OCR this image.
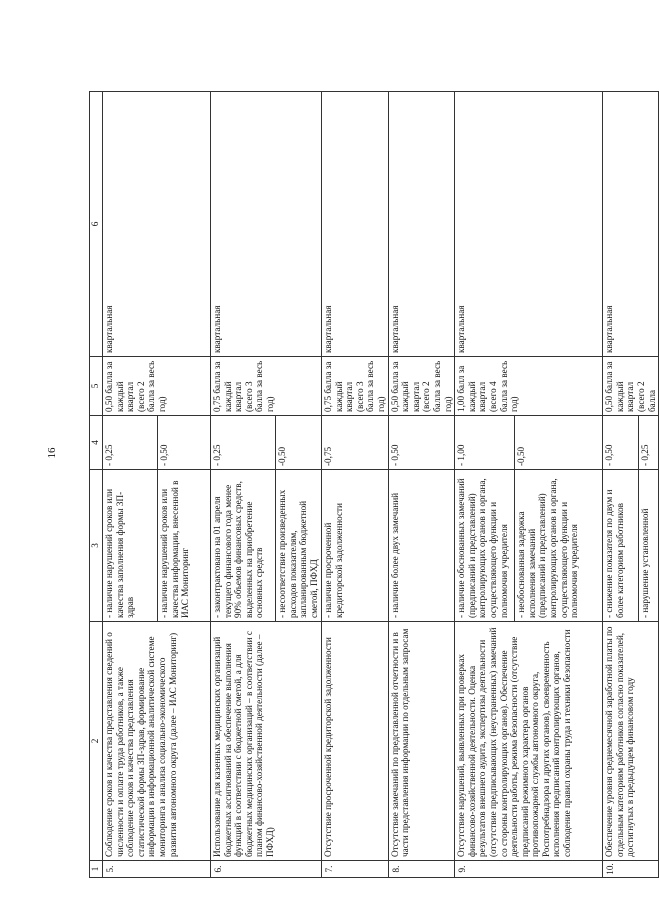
16
1	2	3	4	5	6
5.	Соблюдение сроков и качества представления сведений о численности и оплате труда работников, а также соблюдение сроков и качества представления статистической формы ЗП-здрав, формирование информации в информационной аналитической системе мониторинга и анализа социально-экономического развития автономного округа (далее – ИАС Мониторинг)	- наличие нарушений сроков или качества заполнения формы ЗП-здрав	- 0,25	0,50 балла за каждый квартал (всего 2 балла за весь год)	квартальная
		- наличие нарушений сроков или качества информации, внесенной в ИАС Мониторинг	- 0,50		
6.	Использование для казенных медицинских организаций бюджетных ассигнований на обеспечение выполнения функций в соответствии с бюджетной сметой, а для бюджетных медицинских организаций – в соответствии с планом финансово-хозяйственной деятельности (далее – ПФХД)	- законтрактовано на 01 апреля текущего финансового года менее 90% объемов финансовых средств, выделенных на приобретение основных средств	- 0,25	0,75 балла за каждый квартал (всего 3 балла за весь год)	квартальная
		- несоответствие произведенных расходов показателям, запланированным бюджетной сметой, ПФХД	-0,50		
7.	Отсутствие просроченной кредиторской задолженности	- наличие просроченной кредиторской задолженности	-0,75	0,75 балла за каждый квартал (всего 3 балла за весь год)	квартальная
8.	Отсутствие замечаний по представленной отчетности и в части представления информации по отдельным запросам	- наличие более двух замечаний	- 0,50	0,50 балла за каждый квартал (всего 2 балла за весь год)	квартальная
9.	Отсутствие нарушений, выявленных при проверках финансово-хозяйственной деятельности. Оценка результатов внешнего аудита, экспертизы деятельности (отсутствие предписывающих (неустраненных) замечаний со стороны контролирующих органов). Обеспечение деятельности работы, режима безопасности (отсутствие предписаний режимного характера органов противопожарной службы автономного округа, Роспотребнадзора и других органов), своевременность исполнения предписаний контролирующих органов, соблюдение правил охраны труда и техники безопасности	- наличие обоснованных замечаний (предписаний и представлений) контролирующих органов и органа, осуществляющего функции и полномочия учредителя	- 1,00	1,00 балл за каждый квартал (всего 4 балла за весь год)	квартальная
		- необоснованная задержка исполнения замечаний (предписаний и представлений) контролирующих органов и органа, осуществляющего функции и полномочия учредителя	-0,50		
10.	Обеспечение уровня среднемесячной заработной платы по отдельным категориям работников согласно показателей, достигнутых в предыдущем финансовом году	- снижение показателя по двум и более категориям работников	- 0,50	0,50 балла за каждый квартал (всего 2 балла	квартальная
		- нарушение установленной	- 0,25		
